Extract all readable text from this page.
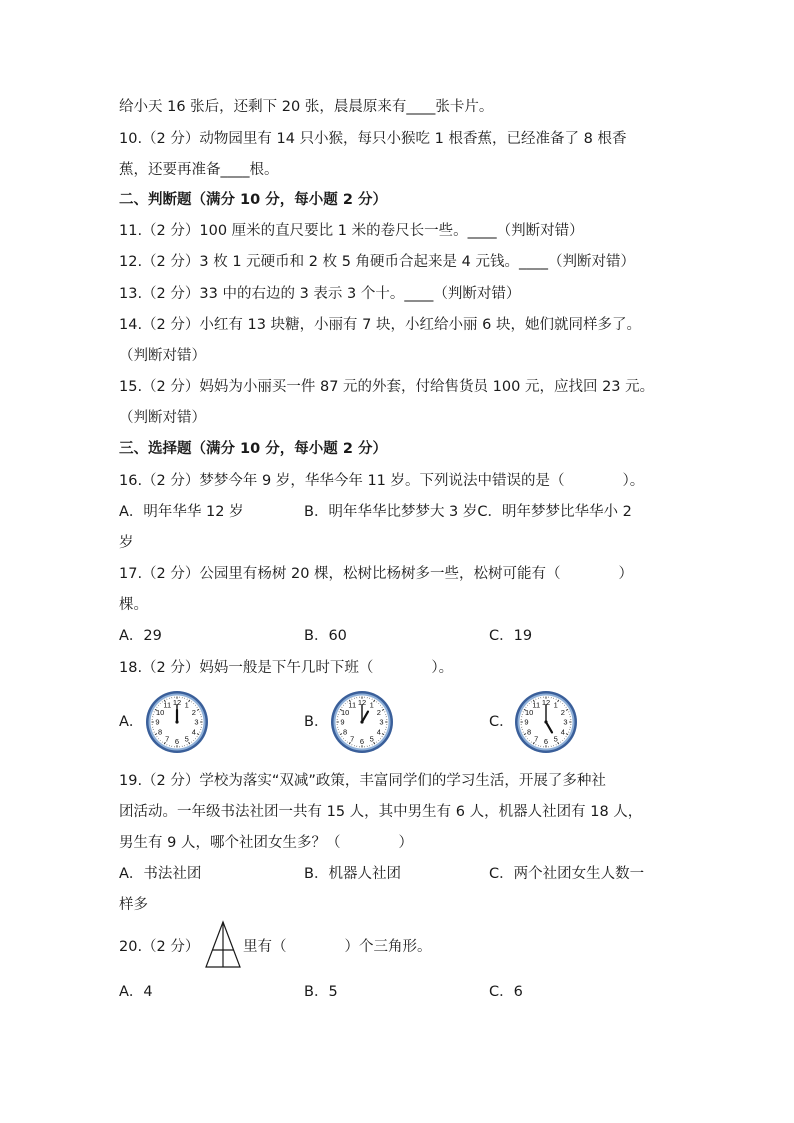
给小天 16 张后，还剩下 20 张，晨晨原来有____张卡片。
10.（2 分）动物园里有 14 只小猴，每只小猴吃 1 根香蕉，已经准备了 8 根香
蕉，还要再准备____根。
二、判断题（满分 10 分，每小题 2 分）
11.（2 分）100 厘米的直尺要比 1 米的卷尺长一些。____（判断对错）
12.（2 分）3 枚 1 元硬币和 2 枚 5 角硬币合起来是 4 元钱。____（判断对错）
13.（2 分）33 中的右边的 3 表示 3 个十。____（判断对错）
14.（2 分）小红有 13 块糖，小丽有 7 块，小红给小丽 6 块，她们就同样多了。
（判断对错）
15.（2 分）妈妈为小丽买一件 87 元的外套，付给售货员 100 元，应找回 23 元。
（判断对错）
三、选择题（满分 10 分，每小题 2 分）
16.（2 分）梦梦今年 9 岁，华华今年 11 岁。下列说法中错误的是（　　　　）。
A．明年华华 12 岁	B．明年华华比梦梦大 3 岁C．明年梦梦比华华小 2
岁
17.（2 分）公园里有杨树 20 棵，松树比杨树多一些，松树可能有（　　　　）
棵。
A．29	B．60	C．19
18.（2 分）妈妈一般是下午几时下班（　　　　）。
A．	B．	C．
12 1
2
3
4
5
6
7
8
9
10
11	12 1
2
3
4
5
6
7
8
9
10
11	12 1
2
3
4
5
6
7
8
9
10
11
19.（2 分）学校为落实“双减”政策，丰富同学们的学习生活，开展了多种社
团活动。一年级书法社团一共有 15 人，其中男生有 6 人，机器人社团有 18 人，
男生有 9 人，哪个社团女生多？（　　　　）
A．书法社团	B．机器人社团	C．两个社团女生人数一
样多
20.（2 分）	里有（　　　　）个三角形。
A．4	B．5	C．6
